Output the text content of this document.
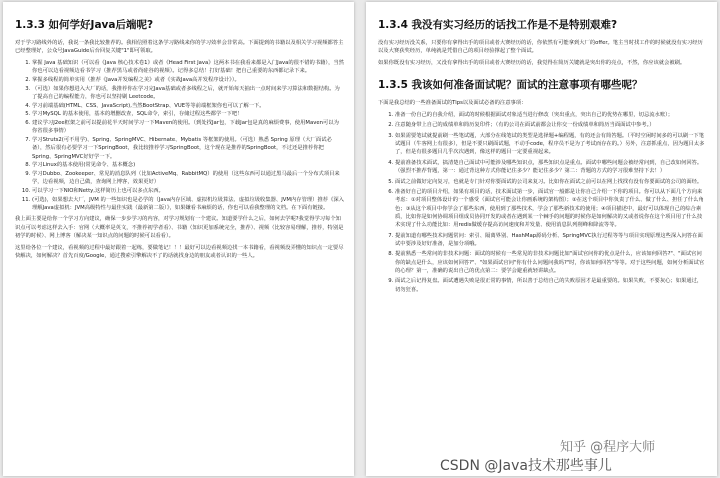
1.3.3 如何学好Java后端呢?

对于学习路线外的话，我说一条我比较推荐的。我相信照着这条学习路线来你的学习效率会非常高。下面提到的书籍以及相关学习视频都答主已经整理好，公众号JavaGuide后台回复关键"1"即可领取。

1. 掌握 Java 基础知识（可以看《Java 核心技术卷1》或者《Head First Java》这两本书在我看来都是入门Java的很不错的书籍），当然你也可以边看视频边看书学习（推荐黑马或者尚硅谷的视频）。记得多总结！打好基础！把自己重要的东西都记录下来。
2. 掌握多线程的简单实用（推荐《Java并发编程之美》或者《实战Java高并发程序设计》）。
3. （可选）如果你想进入大厂的话，我推荐你在学习完Java基础或者多线程之后，就开始每天抽出一点时间来学习算法和数据结构。为了提高自己的编程能力，你也可以坚持刷 Leetcode。
4. 学习前端基础(HTML、CSS、JavaScript),当然BootStrap、VUE等等前端框架你也可以了解一下。
5. 学习MySQL 的基本使用，基本的增删改查，SQL命令，索引，存储过程这些都学一下吧！
6. 建议学习J2ee框架之前可以提前花半天时间学习一下Maven的使用。（到处找Jar包，下载Jar包是真的麻烦费事，使用Maven可以为你省很多事情）
7. 学习Struts2(可不用学)、Spring、SpringMVC、Hibernate、Mybatis 等框架的使用。（可选）熟悉 Spring 原理（大厂面试必备），然后很有必要学习一下SpringBoot，我比较推荐学习SpringBoot，这个现在是推荐的SpringBoot，不过还是推荐你把Spring、SpringMVC好好学一下。
8. 学习Linux的基本使用(常见命令、基本概念)
9. 学习Dubbo、Zookeeper、常见的消息队列（比如ActiveMq、RabbitMQ）的使用（这些东西可以通过黑马最后一个分布式项目来学，边看视频，边自己做，查询网上博客，效果更好）
10. 可以学习一下NIO和Netty,这样简历上也可以多点东西。
11. (可选)，如果想去大厂，JVM 的一些知识也是必学的（Java内存区域、虚拟机垃圾算法、虚拟垃圾收集器、JVM内存管理）推荐《深入理解Java虚拟机：JVM高级特性与最佳实践（最新第二版）》，如果嫌看书麻烦的话，你也可以看我整理的文档。在下面有链接。

我上面主要是给你一个学习方向建议，确保一步步学习的内容，对学习规划有一个建议。知道要学什么之后，如何去学呢?我觉得学习每个知识点可以考虑这样去入手：官网（大概率是英文，不推荐初学者看）、书籍（知识更加系统完全，推荐）、视频（比较容易理解，推荐，特别是初学的时候）、网上博客（解决某一知识点的问题的时候可以看看）。

这里给各位一个建议，看视频的过程中最好跟着一起练，要做笔记！！！最好可以边看视频边找一本书籍看，看视频没弄懂的知识点一定要尽快解决，如何解决？首先百度/Google，通过搜索引擎解决不了的话就找身边的朋友或者认识的一些人。

1.3.4 我没有实习经历的话找工作是不是特别艰难?

没有实习经历没关系，只要你有拿得出手的项目或者大赛经历的话，你依然有可能拿到大厂的offer。笔主当时找工作的时候就没有实习经历以及大赛获奖经历，单纯就是凭借自己的项目经验撑起了整个面试。

如果你既没有实习经历，又没有拿得出手的项目或者大赛经历的话，我觉得在简历关键就是突出你的亮点，不然，你应该就会被刷。

1.3.5 我该如何准备面试呢？面试的注意事项有哪些呢？

下面是我总结的一些准备面试的Tips以及面试必备的注意事项：

1. 准备一份自己的自我介绍，面试的时候根据面试对象适当进行修改（突出重点，突出自己的优势在哪里，切忌流水账）；
2. 注意随身带上自己的成绩单和简历复印件；（有的公司在面试前都会让你交一份成绩单和简历当面面试中参考。）
3. 如果需要笔试就提前刷一些笔试题，大部分在线笔试的类型是选择题+编程题，有的还会有简答题。（平时空闲时间多的可以刷一下笔试题目（牛客网上有很多），但是不要只刷面试题，不动手code，程序员不是为了考试而存在的。）另外，注意抓重点，因为题目太多了，但是有很多题目几乎次次遇到，像这样的题目一定要重视起来。
4. 提前准备技术面试，搞清楚自己面试中可能涉及哪些知识点，那些知识点是重点。面试中哪些问题会被经常问到，自己改如何回答。（强烈不推荐背题，第一：通过背这种方式你能记住多少？能记住多少？第二：背题的方式的学习很难坚持下去！）
5. 面试之前做好定向复习，也就是专门针对你要面试的公司来复习。比如你在面试之前可以在网上找找有没有你要面试的公司的面经。
6. 准备好自己的项目介绍，如果有项目的话，技术面试第一步，面试官一般都是让你自己介绍一下你的项目。你可以从下面几个方向来考虑：①对项目整体设计的一个感受（面试官可能会让你画系统的架构图）；②在这个项目中你负责了什么、做了什么、担任了什么角色；③从这个项目中你学会了那些东西，使用到了那些技术，学会了那些新技术的使用；④项目描述中，最好可以体现自己的综合素质，比如你是如何协调项目组成员协同开发的或者在遇到某一个棘手的问题的时候你是如何解决的又或者说你在这个项目用了什么技术实现了什么功能比如：用redis做缓存提高访问速度和并发量、使用消息队列削峰和降流等等。
7. 提前知道有哪些技术问题常问：索引、隔离界别、HashMap源码分析、SpringMVC执行过程等等与项目实现原理这些深入问答在面试中要涉及好好准备，是加分项哦。
8. 提前熟悉一些常问的非技术问题：面试的时候有一些常见的非技术问题比如"面试官问你的优点是什么，应该如何回答?"、"面试官问你的缺点是什么，应该如何回答?"、"如果面试官问"你有什么问题问我吗?"时，你该如何回答"等等。对于这些问题，如何分析面试官的心理？第一，准确的说出自己的优点第二：要学会避重就轻讲缺点。
9. 面试之后记得复盘。面试遭遇失败是很正常的事情，所以善于总结自己的失败原因才是最重要的。如果失败，不要灰心；如果通过，切勿狂喜。
知乎 @程序大师
CSDN @Java技术那些事儿
